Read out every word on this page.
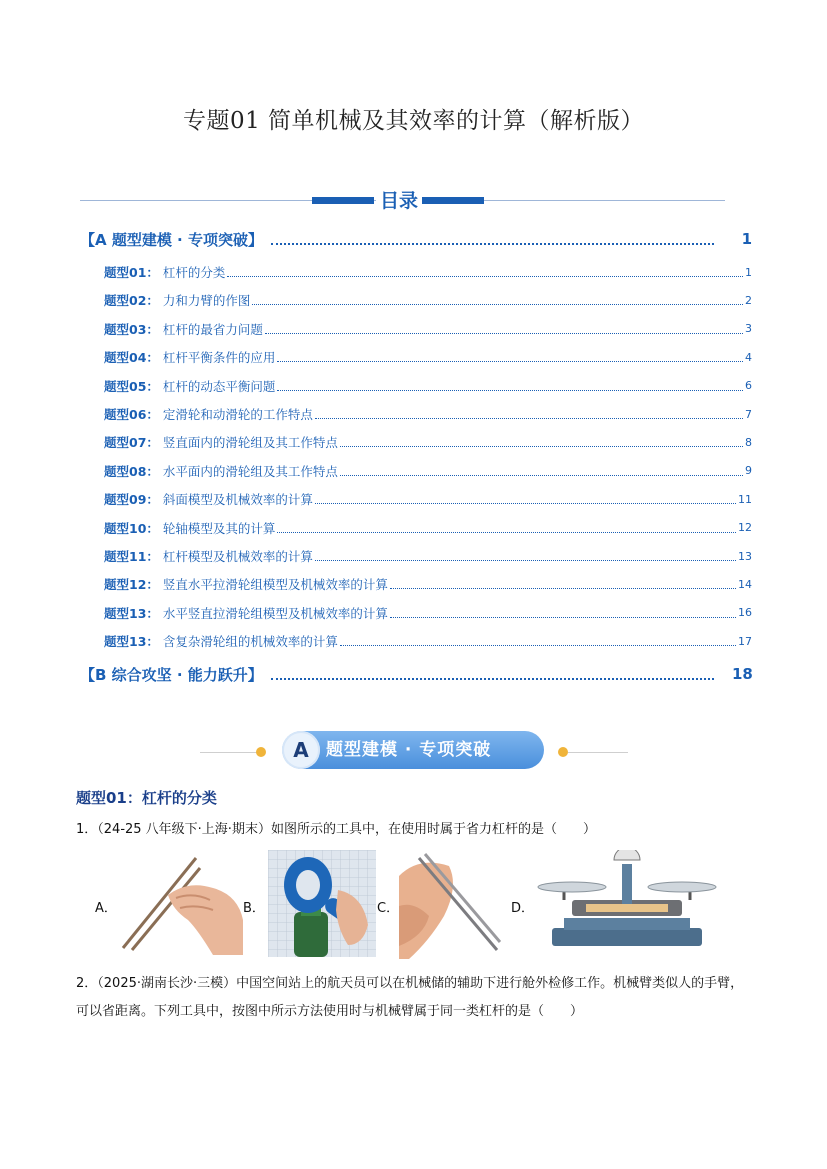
专题01 简单机械及其效率的计算（解析版）
目录
【A 题型建模 · 专项突破】	1
题型01： 杠杆的分类	1
题型02： 力和力臂的作图	2
题型03： 杠杆的最省力问题	3
题型04： 杠杆平衡条件的应用	4
题型05： 杠杆的动态平衡问题	6
题型06： 定滑轮和动滑轮的工作特点	7
题型07： 竖直面内的滑轮组及其工作特点	8
题型08： 水平面内的滑轮组及其工作特点	9
题型09： 斜面模型及机械效率的计算	11
题型10： 轮轴模型及其的计算	12
题型11： 杠杆模型及机械效率的计算	13
题型12： 竖直水平拉滑轮组模型及机械效率的计算	14
题型13： 水平竖直拉滑轮组模型及机械效率的计算	16
题型13： 含复杂滑轮组的机械效率的计算	17
【B 综合攻坚 · 能力跃升】	18
A	题型建模 · 专项突破
题型01：杠杆的分类
1．（24-25 八年级下·上海·期末）如图所示的工具中，在使用时属于省力杠杆的是（　　）
A．	B．	C．	D．
2．（2025·湖南长沙·三模）中国空间站上的航天员可以在机械储的辅助下进行舱外检修工作。机械臂类似人的手臂，可以省距离。下列工具中，按图中所示方法使用时与机械臂属于同一类杠杆的是（　　）
